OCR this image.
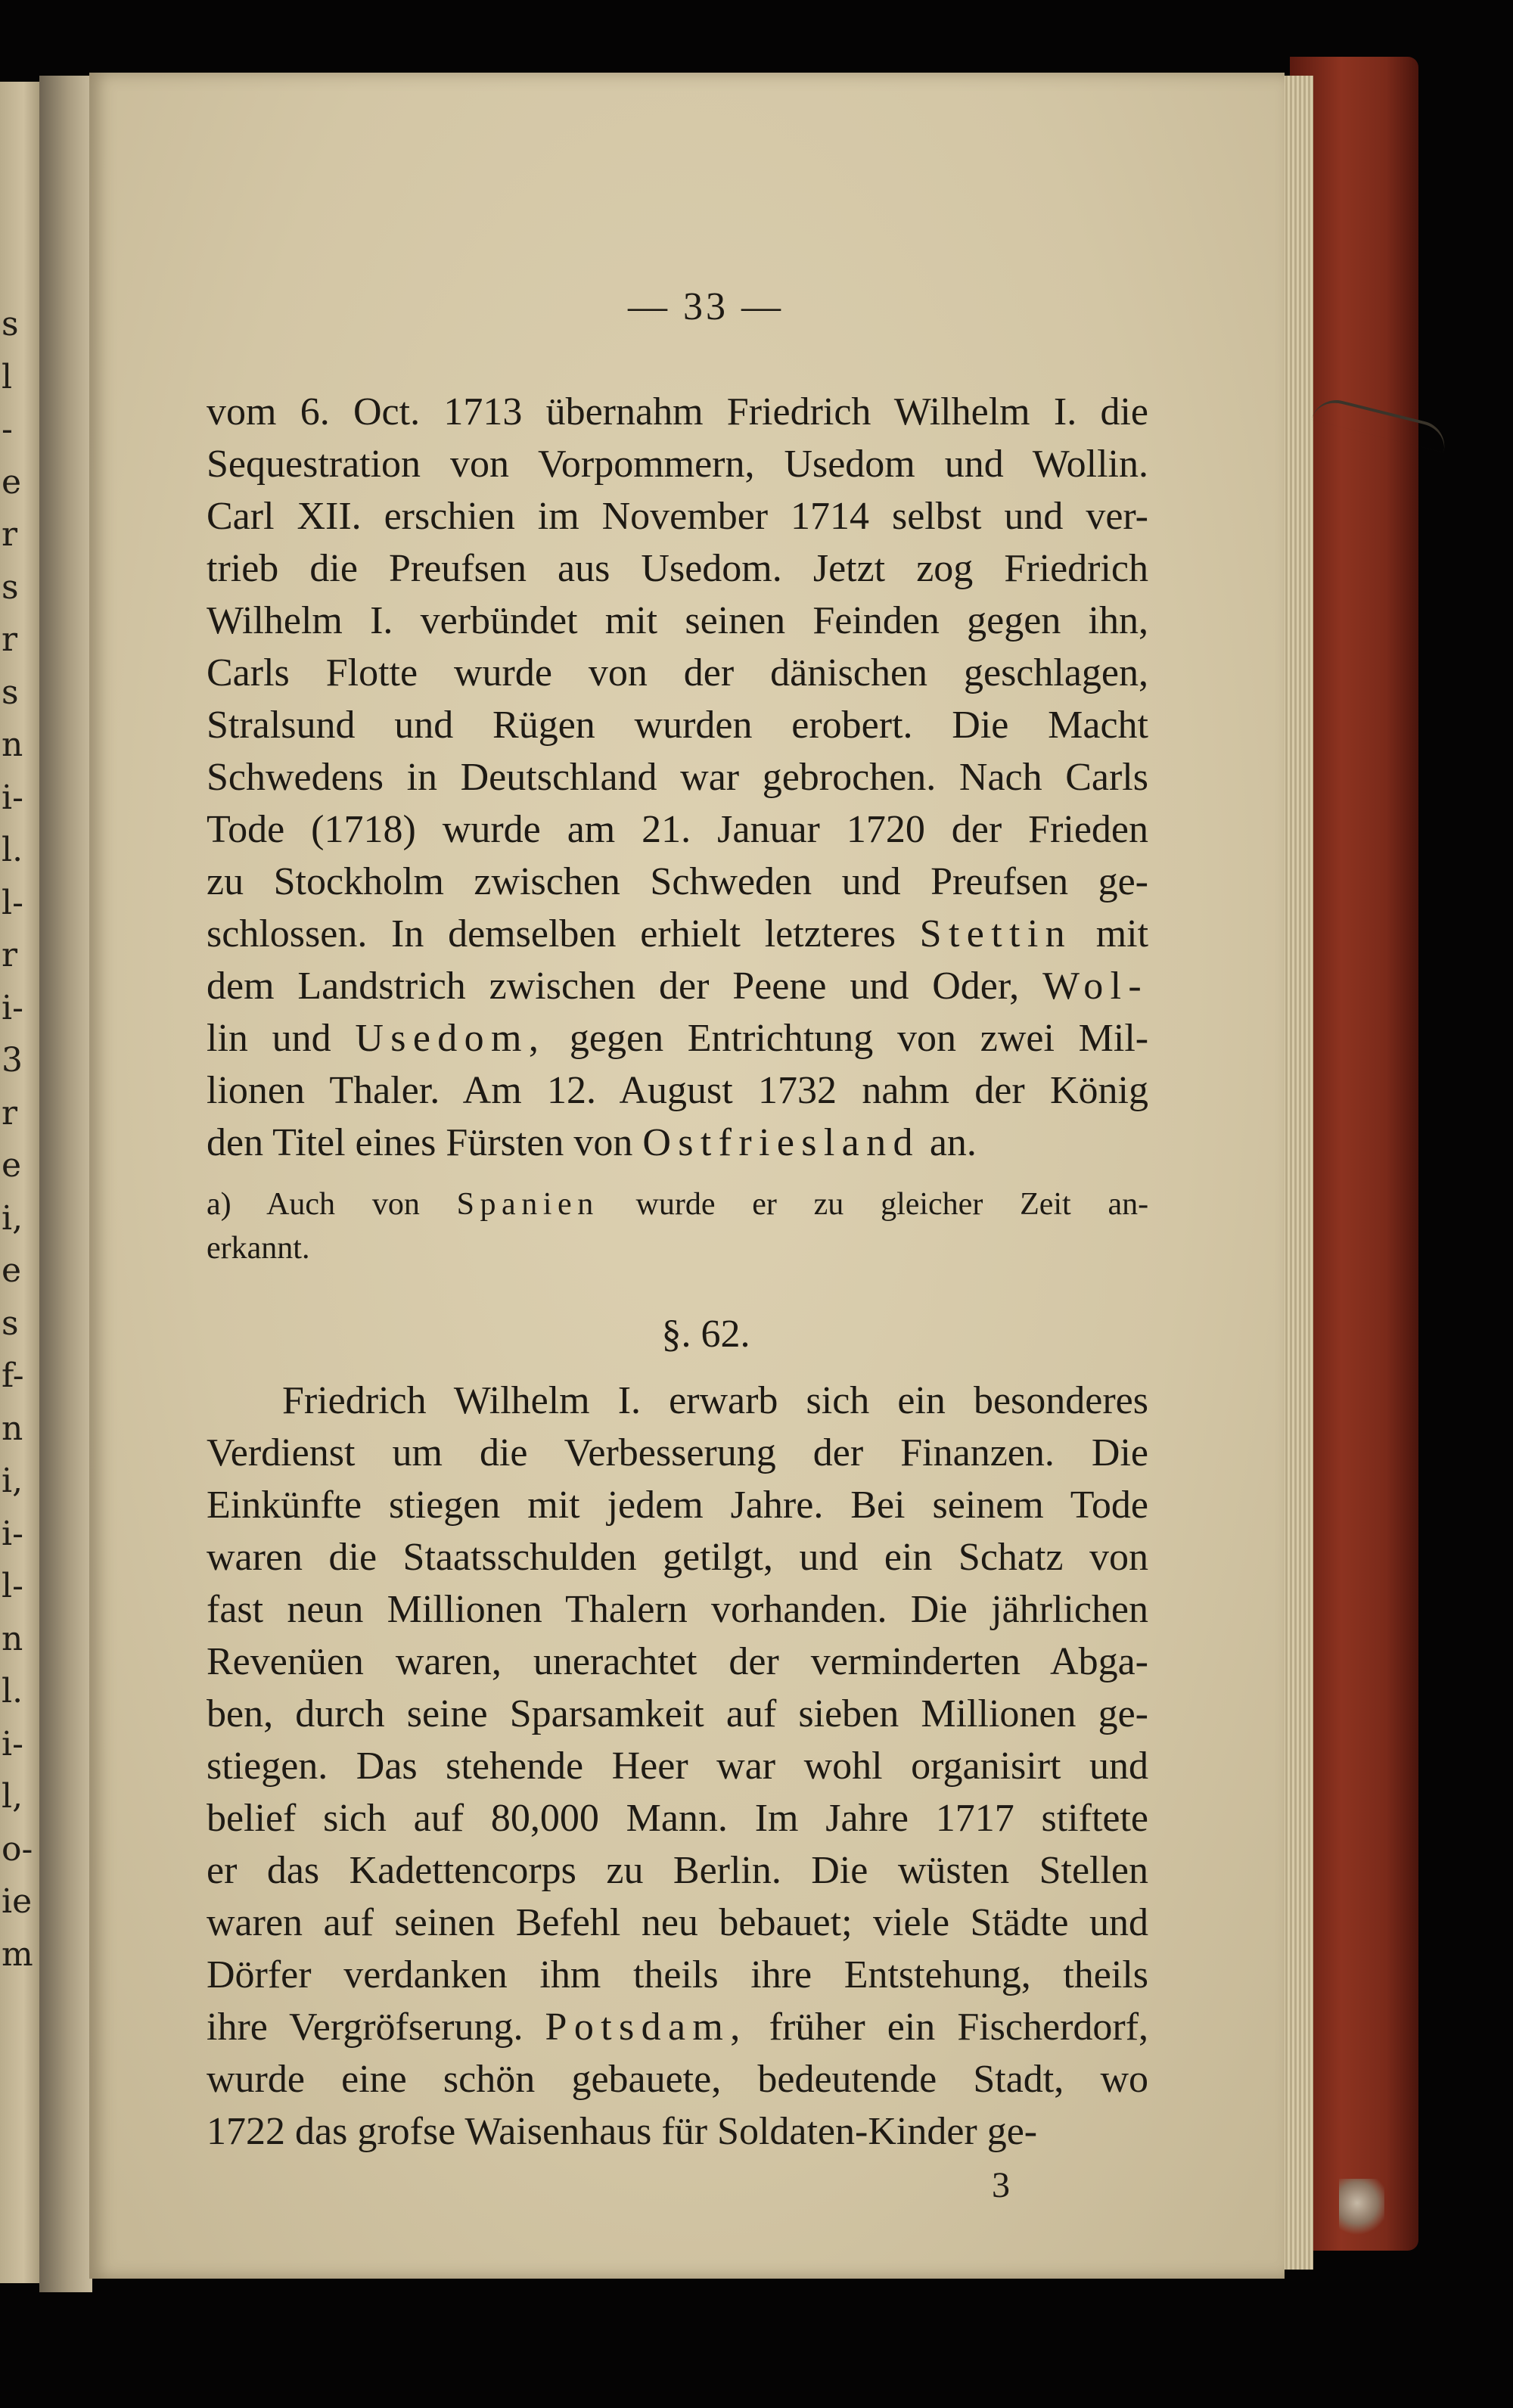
s
l
-
e
r
s
r
s
n
i-
l.
l-
r
i-
3
r
e
i,
e
s
f-
n
i,
i-
l-
n
l.
i-
l,
o-
ie
m
— 33 —
vom 6. Oct. 1713 übernahm Friedrich Wilhelm I. die
Sequestration von Vorpommern, Usedom und Wollin.
Carl XII. erschien im November 1714 selbst und ver-
trieb die Preufsen aus Usedom. Jetzt zog Friedrich
Wilhelm I. verbündet mit seinen Feinden gegen ihn,
Carls Flotte wurde von der dänischen geschlagen,
Stralsund und Rügen wurden erobert. Die Macht
Schwedens in Deutschland war gebrochen. Nach Carls
Tode (1718) wurde am 21. Januar 1720 der Frieden
zu Stockholm zwischen Schweden und Preufsen ge-
schlossen. In demselben erhielt letzteres Stettin mit
dem Landstrich zwischen der Peene und Oder, Wol-
lin und Usedom, gegen Entrichtung von zwei Mil-
lionen Thaler. Am 12. August 1732 nahm der König
den Titel eines Fürsten von Ostfriesland an.
a) Auch von Spanien wurde er zu gleicher Zeit an-
erkannt.
§. 62.
Friedrich Wilhelm I. erwarb sich ein besonderes
Verdienst um die Verbesserung der Finanzen. Die
Einkünfte stiegen mit jedem Jahre. Bei seinem Tode
waren die Staatsschulden getilgt, und ein Schatz von
fast neun Millionen Thalern vorhanden. Die jährlichen
Revenüen waren, unerachtet der verminderten Abga-
ben, durch seine Sparsamkeit auf sieben Millionen ge-
stiegen. Das stehende Heer war wohl organisirt und
belief sich auf 80,000 Mann. Im Jahre 1717 stiftete
er das Kadettencorps zu Berlin. Die wüsten Stellen
waren auf seinen Befehl neu bebauet; viele Städte und
Dörfer verdanken ihm theils ihre Entstehung, theils
ihre Vergröfserung. Potsdam, früher ein Fischerdorf,
wurde eine schön gebauete, bedeutende Stadt, wo
1722 das grofse Waisenhaus für Soldaten-Kinder ge-
3
